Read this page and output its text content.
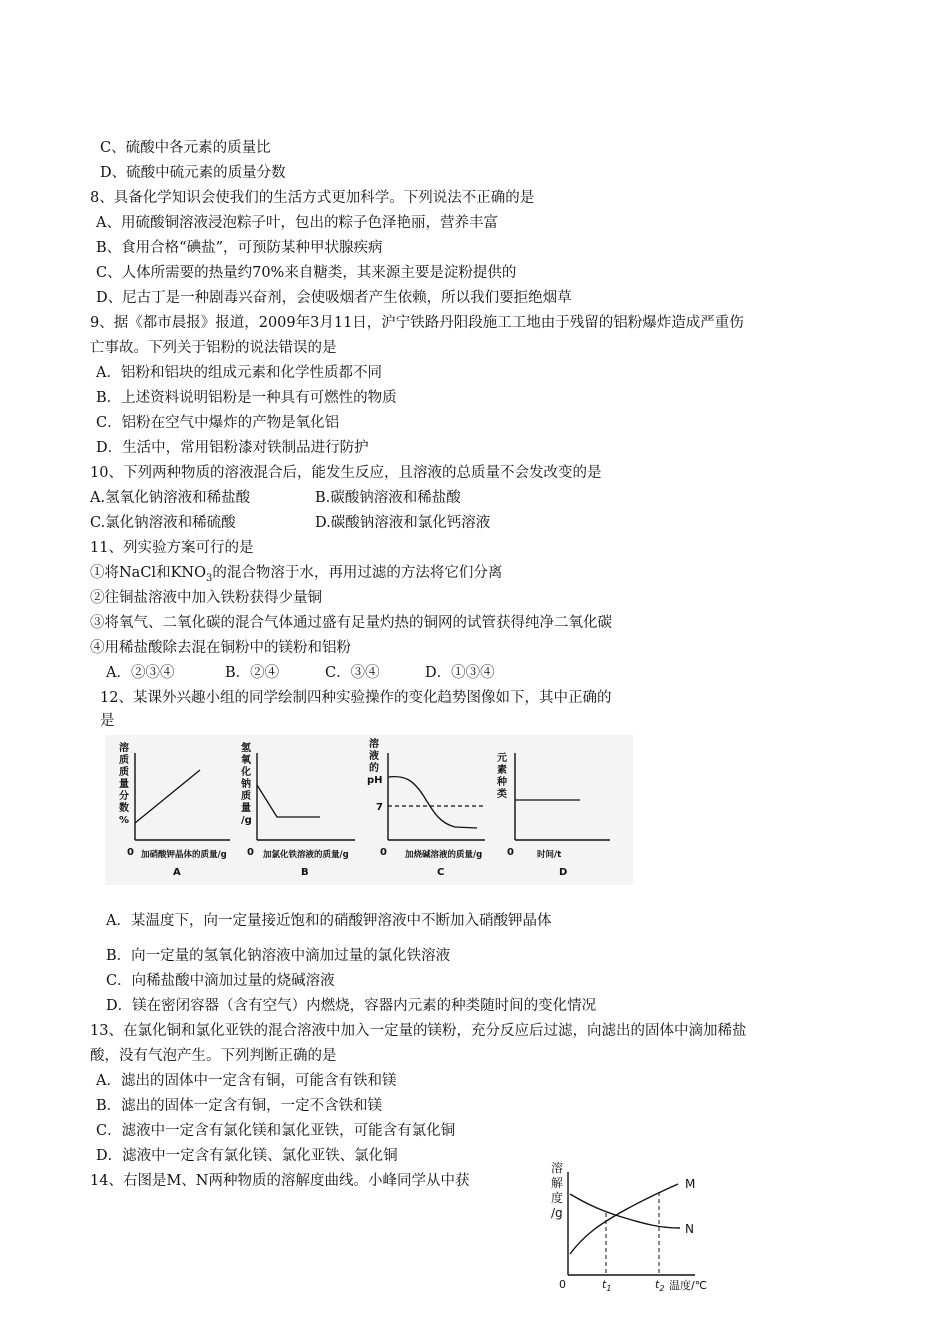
C、硫酸中各元素的质量比
D、硫酸中硫元素的质量分数
8、具备化学知识会使我们的生活方式更加科学。下列说法不正确的是
A、用硫酸铜溶液浸泡粽子叶，包出的粽子色泽艳丽，营养丰富
B、食用合格“碘盐”，可预防某种甲状腺疾病
C、人体所需要的热量约70%来自糖类，其来源主要是淀粉提供的
D、尼古丁是一种剧毒兴奋剂，会使吸烟者产生依赖，所以我们要拒绝烟草
9、据《都市晨报》报道，2009年3月11日，沪宁铁路丹阳段施工工地由于残留的铝粉爆炸造成严重伤
亡事故。下列关于铝粉的说法错误的是
A．铝粉和铝块的组成元素和化学性质都不同
B．上述资料说明铝粉是一种具有可燃性的物质
C．铝粉在空气中爆炸的产物是氧化铝
D．生活中，常用铝粉漆对铁制品进行防护
10、下列两种物质的溶液混合后，能发生反应，且溶液的总质量不会发改变的是
A.氢氧化钠溶液和稀盐酸	B.碳酸钠溶液和稀盐酸
C.氯化钠溶液和稀硫酸	D.碳酸钠溶液和氯化钙溶液
11、列实验方案可行的是
①将NaCl和$KNO_3$的混合物溶于水，再用过滤的方法将它们分离
②往铜盐溶液中加入铁粉获得少量铜
③将氧气、二氧化碳的混合气体通过盛有足量灼热的铜网的试管获得纯净二氧化碳
④用稀盐酸除去混在铜粉中的镁粉和铝粉
A．②③④	B．②④	C．③④	D．①③④
12、某课外兴趣小组的同学绘制四种实验操作的变化趋势图像如下，其中正确的
是
溶
质
质
量
分
数
%
0 加硝酸钾晶体的质量/g
A
氢
氧
化
钠
质
量
/g
0 加氯化铁溶液的质量/g
B
溶
液
的
pH
7
0 加烧碱溶液的质量/g
C
元
素
种
类
0	时间/t
D
A．某温度下，向一定量接近饱和的硝酸钾溶液中不断加入硝酸钾晶体
B．向一定量的氢氧化钠溶液中滴加过量的氯化铁溶液
C．向稀盐酸中滴加过量的烧碱溶液
D．镁在密闭容器（含有空气）内燃烧，容器内元素的种类随时间的变化情况
13、在氯化铜和氯化亚铁的混合溶液中加入一定量的镁粉，充分反应后过滤，向滤出的固体中滴加稀盐
酸，没有气泡产生。下列判断正确的是
A．滤出的固体中一定含有铜，可能含有铁和镁
B．滤出的固体一定含有铜，一定不含铁和镁
C．滤液中一定含有氯化镁和氯化亚铁，可能含有氯化铜
D．滤液中一定含有氯化镁、氯化亚铁、氯化铜
14、右图是M、N两种物质的溶解度曲线。小峰同学从中获
溶
解
度
/g
M
N
0	$t_1$	$t_2$ 温度/℃
